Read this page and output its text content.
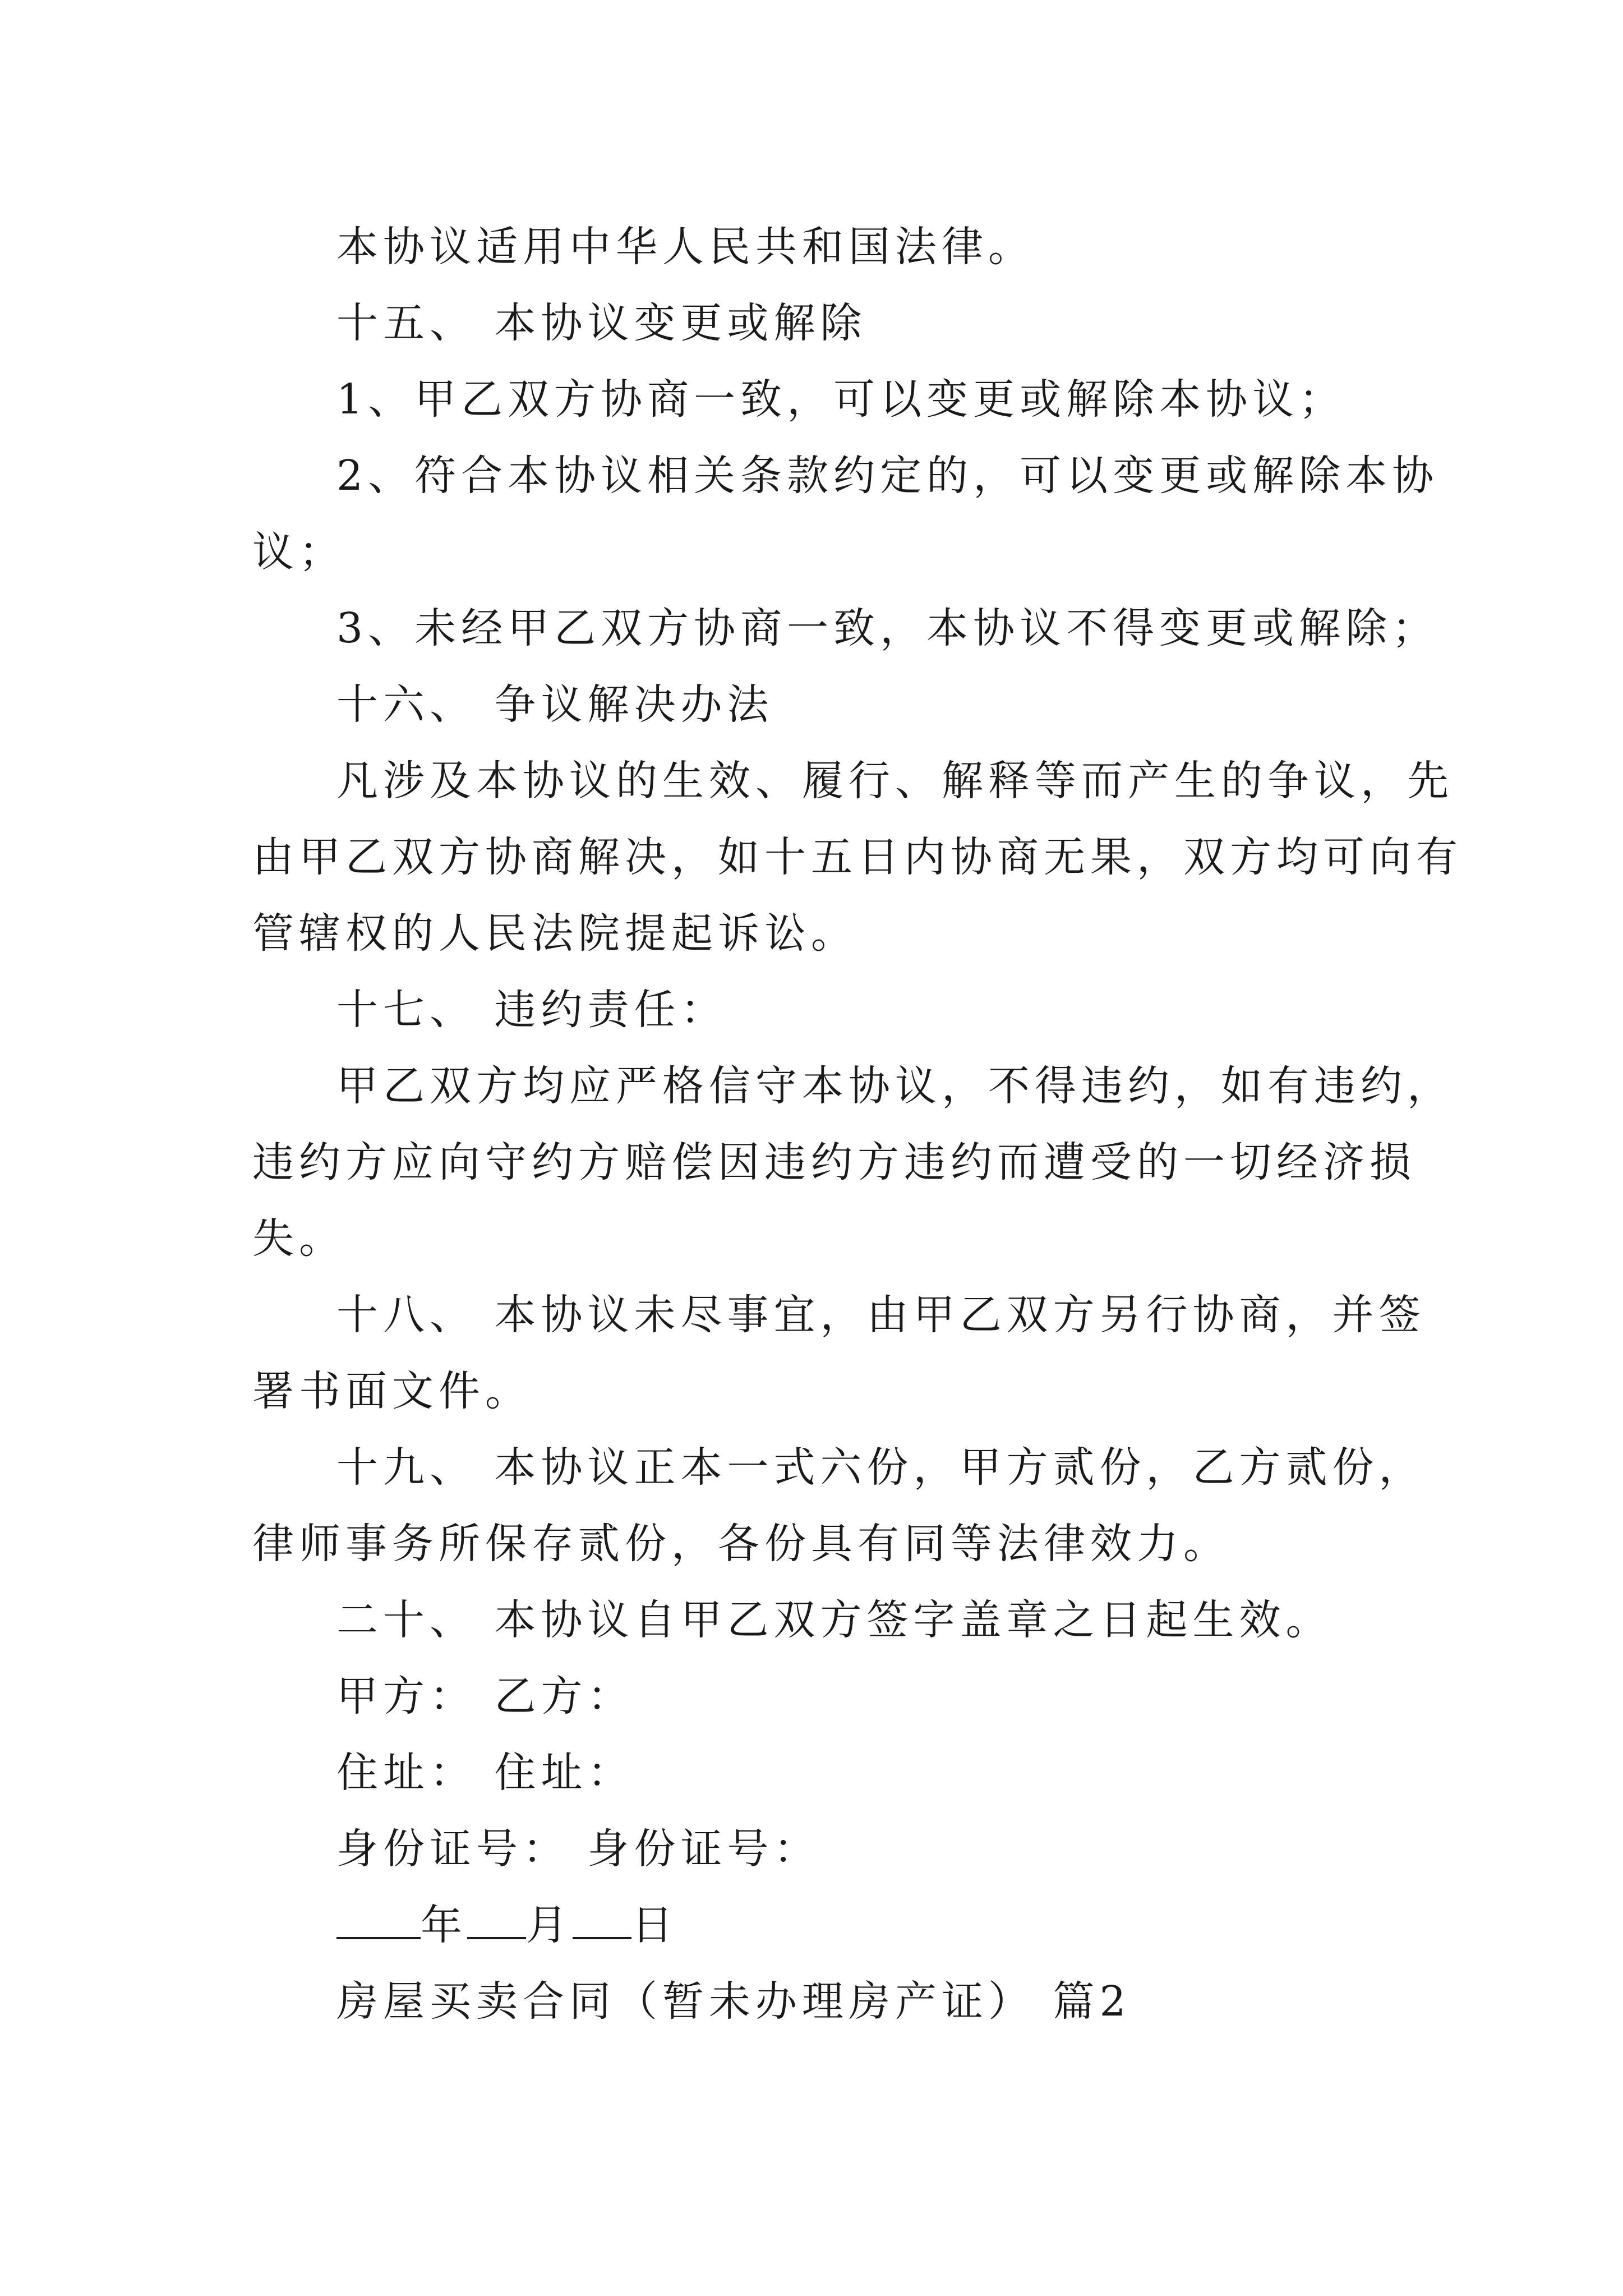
本协议适用中华人民共和国法律。
十五、 本协议变更或解除
1、甲乙双方协商一致，可以变更或解除本协议；
2、符合本协议相关条款约定的，可以变更或解除本协
议；
3、未经甲乙双方协商一致，本协议不得变更或解除；
十六、 争议解决办法
凡涉及本协议的生效、履行、解释等而产生的争议，先
由甲乙双方协商解决，如十五日内协商无果，双方均可向有
管辖权的人民法院提起诉讼。
十七、 违约责任：
甲乙双方均应严格信守本协议，不得违约，如有违约，
违约方应向守约方赔偿因违约方违约而遭受的一切经济损
失。
十八、 本协议未尽事宜，由甲乙双方另行协商，并签
署书面文件。
十九、 本协议正本一式六份，甲方贰份，乙方贰份，
律师事务所保存贰份，各份具有同等法律效力。
二十、 本协议自甲乙双方签字盖章之日起生效。
甲方： 乙方：
住址： 住址：
身份证号： 身份证号：
年 月 日
房屋买卖合同（暂未办理房产证） 篇2
